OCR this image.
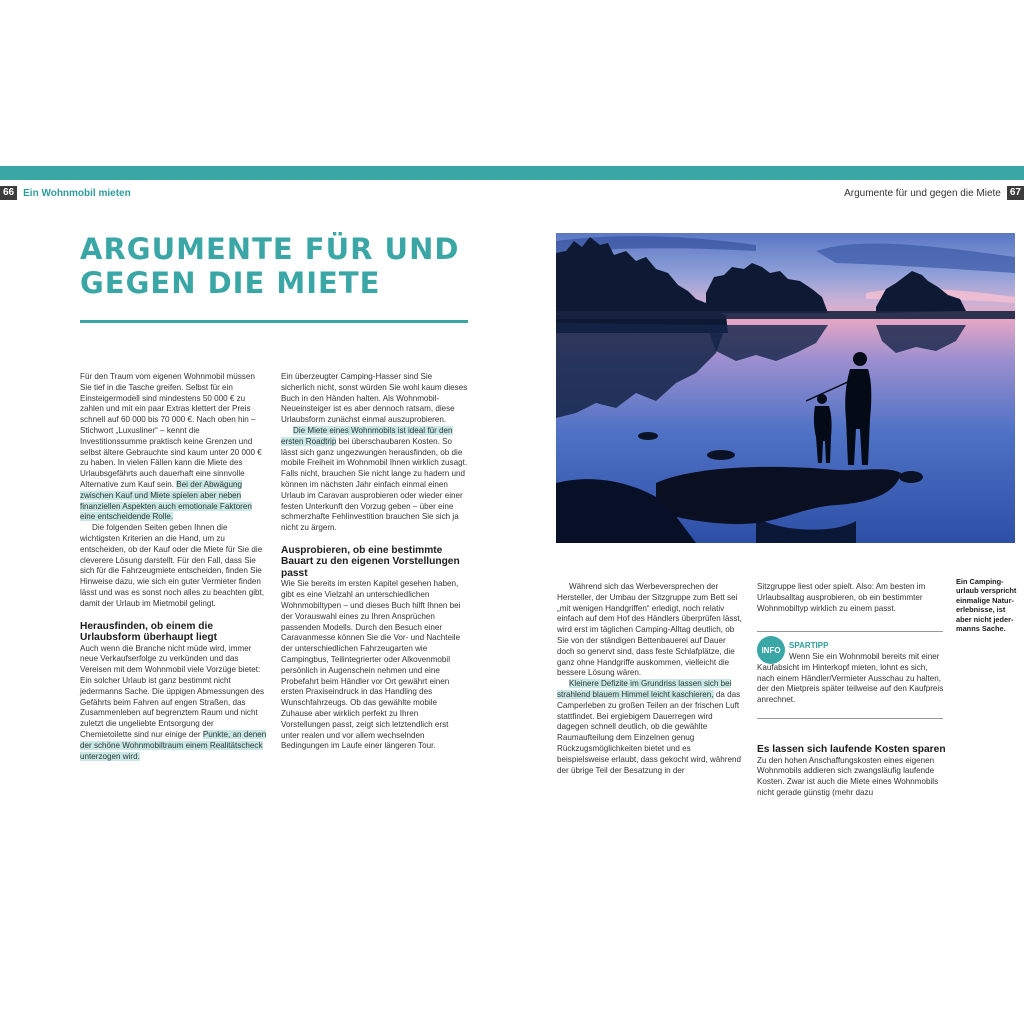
66 Ein Wohnmobil mieten	Argumente für und gegen die Miete 67
ARGUMENTE FÜR UND
GEGEN DIE MIETE

Für den Traum vom eigenen Wohnmobil müssen Sie tief in die Tasche greifen. Selbst für ein Einsteigermodell sind mindestens 50 000 € zu zahlen und mit ein paar Extras klettert der Preis schnell auf 60 000 bis 70 000 €. Nach oben hin – Stichwort „Luxusliner“ – kennt die Investitionssumme praktisch keine Grenzen und selbst ältere Gebrauchte sind kaum unter 20 000 € zu haben. In vielen Fällen kann die Miete des Urlaubsgefährts auch dauerhaft eine sinnvolle Alternative zum Kauf sein. Bei der Abwägung zwischen Kauf und Miete spielen aber neben finanziellen Aspekten auch emotionale Faktoren eine entscheidende Rolle.

Die folgenden Seiten geben Ihnen die wichtigsten Kriterien an die Hand, um zu entscheiden, ob der Kauf oder die Miete für Sie die cleverere Lösung darstellt. Für den Fall, dass Sie sich für die Fahrzeugmiete entscheiden, finden Sie Hinweise dazu, wie sich ein guter Vermieter finden lässt und was es sonst noch alles zu beachten gibt, damit der Urlaub im Mietmobil gelingt.

Herausfinden, ob einem die Urlaubsform überhaupt liegt

Auch wenn die Branche nicht müde wird, immer neue Verkaufserfolge zu verkünden und das Vereisen mit dem Wohnmobil viele Vorzüge bietet: Ein solcher Urlaub ist ganz bestimmt nicht jedermanns Sache. Die üppigen Abmessungen des Gefährts beim Fahren auf engen Straßen, das Zusammenleben auf begrenztem Raum und nicht zuletzt die ungeliebte Entsorgung der Chemietoilette sind nur einige der Punkte, an denen der schöne Wohnmobiltraum einem Realitätscheck unterzogen wird.

Ein überzeugter Camping-Hasser sind Sie sicherlich nicht, sonst würden Sie wohl kaum dieses Buch in den Händen halten. Als Wohnmobil-Neueinsteiger ist es aber dennoch ratsam, diese Urlaubsform zunächst einmal auszuprobieren.

Die Miete eines Wohnmobils ist ideal für den ersten Roadtrip bei überschaubaren Kosten. So lässt sich ganz ungezwungen herausfinden, ob die mobile Freiheit im Wohnmobil Ihnen wirklich zusagt. Falls nicht, brauchen Sie nicht lange zu hadern und können im nächsten Jahr einfach einmal einen Urlaub im Caravan ausprobieren oder wieder einer festen Unterkunft den Vorzug geben – über eine schmerzhafte Fehlinvestition brauchen Sie sich ja nicht zu ärgern.

Ausprobieren, ob eine bestimmte Bauart zu den eigenen Vorstellungen passt

Wie Sie bereits im ersten Kapitel gesehen haben, gibt es eine Vielzahl an unterschiedlichen Wohnmobiltypen – und dieses Buch hilft Ihnen bei der Vorauswahl eines zu Ihren Ansprüchen passenden Modells. Durch den Besuch einer Caravanmesse können Sie die Vor- und Nachteile der unterschiedlichen Fahrzeugarten wie Campingbus, Teilintegrierter oder Alkovenmobil persönlich in Augenschein nehmen und eine Probefahrt beim Händler vor Ort gewährt einen ersten Praxiseindruck in das Handling des Wunschfahrzeugs. Ob das gewählte mobile Zuhause aber wirklich perfekt zu Ihren Vorstellungen passt, zeigt sich letztendlich erst unter realen und vor allem wechselnden Bedingungen im Laufe einer längeren Tour.

Ein Camping-urlaub verspricht einmalige Natur-erlebnisse, ist aber nicht jeder-manns Sache.

Während sich das Werbeversprechen der Hersteller, der Umbau der Sitzgruppe zum Bett sei „mit wenigen Handgriffen“ erledigt, noch relativ einfach auf dem Hof des Händlers überprüfen lässt, wird erst im täglichen Camping-Alltag deutlich, ob Sie von der ständigen Bettenbauerei auf Dauer doch so genervt sind, dass feste Schlafplätze, die ganz ohne Handgriffe auskommen, vielleicht die bessere Lösung wären.

Kleinere Defizite im Grundriss lassen sich bei strahlend blauem Himmel leicht kaschieren, da das Camperleben zu großen Teilen an der frischen Luft stattfindet. Bei ergiebigem Dauerregen wird dagegen schnell deutlich, ob die gewählte Raumaufteilung dem Einzelnen genug Rückzugsmöglichkeiten bietet und es beispielsweise erlaubt, dass gekocht wird, während der übrige Teil der Besatzung in der

Sitzgruppe liest oder spielt. Also: Am besten im Urlaubsalltag ausprobieren, ob ein bestimmter Wohnmobiltyp wirklich zu einem passt.

INFO	SPARTIPP

Wenn Sie ein Wohnmobil bereits mit einer Kaufabsicht im Hinterkopf mieten, lohnt es sich, nach einem Händler/Vermieter Ausschau zu halten, der den Mietpreis später teilweise auf den Kaufpreis anrechnet.

Es lassen sich laufende Kosten sparen

Zu den hohen Anschaffungskosten eines eigenen Wohnmobils addieren sich zwangsläufig laufende Kosten. Zwar ist auch die Miete eines Wohnmobils nicht gerade günstig (mehr dazu
